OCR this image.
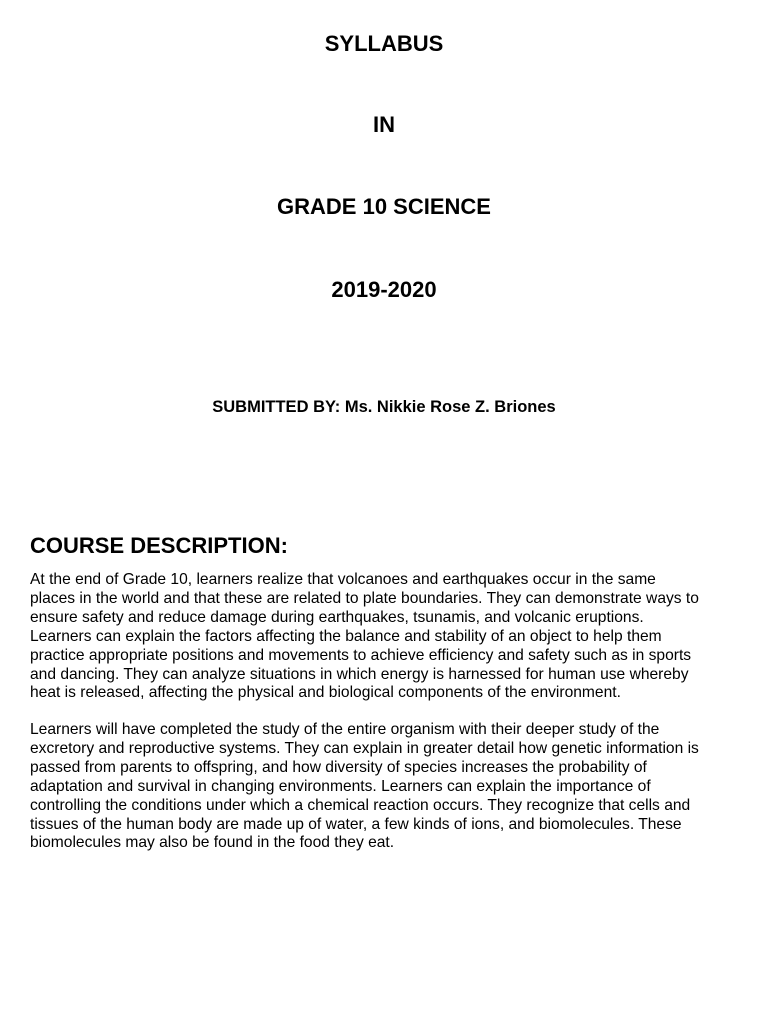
SYLLABUS
IN
GRADE 10 SCIENCE
2019-2020
SUBMITTED BY: Ms. Nikkie Rose Z. Briones
COURSE DESCRIPTION:

At the end of Grade 10, learners realize that volcanoes and earthquakes occur in the same
places in the world and that these are related to plate boundaries. They can demonstrate ways to
ensure safety and reduce damage during earthquakes, tsunamis, and volcanic eruptions.
Learners can explain the factors affecting the balance and stability of an object to help them
practice appropriate positions and movements to achieve efficiency and safety such as in sports
and dancing. They can analyze situations in which energy is harnessed for human use whereby
heat is released, affecting the physical and biological components of the environment.

Learners will have completed the study of the entire organism with their deeper study of the
excretory and reproductive systems. They can explain in greater detail how genetic information is
passed from parents to offspring, and how diversity of species increases the probability of
adaptation and survival in changing environments. Learners can explain the importance of
controlling the conditions under which a chemical reaction occurs. They recognize that cells and
tissues of the human body are made up of water, a few kinds of ions, and biomolecules. These
biomolecules may also be found in the food they eat.
